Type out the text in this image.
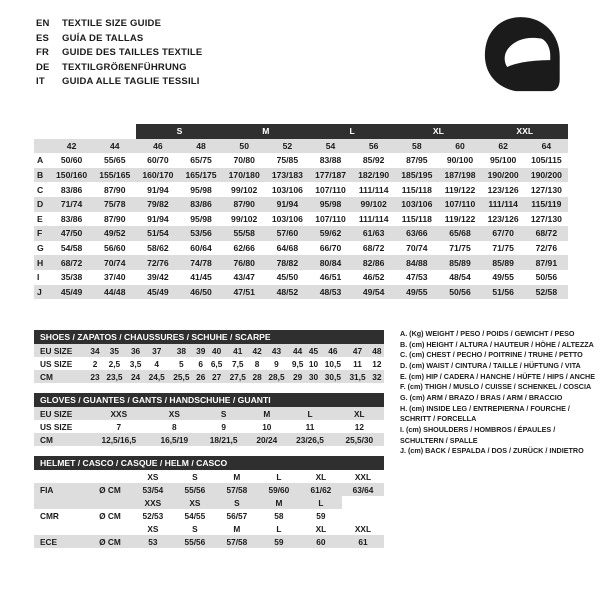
EN	TEXTILE SIZE GUIDE
ES	GUÍA DE TALLAS
FR	GUIDE DES TAILLES TEXTILE
DE	TEXTILGRÖßENFÜHRUNG
IT	GUIDA ALLE TAGLIE TESSILI
			S		M		L		XL		XXL	
	42	44	46	48	50	52	54	56	58	60	62	64
A	50/60	55/65	60/70	65/75	70/80	75/85	83/88	85/92	87/95	90/100	95/100	105/115
B	150/160	155/165	160/170	165/175	170/180	173/183	177/187	182/190	185/195	187/198	190/200	190/200
C	83/86	87/90	91/94	95/98	99/102	103/106	107/110	111/114	115/118	119/122	123/126	127/130
D	71/74	75/78	79/82	83/86	87/90	91/94	95/98	99/102	103/106	107/110	111/114	115/119
E	83/86	87/90	91/94	95/98	99/102	103/106	107/110	111/114	115/118	119/122	123/126	127/130
F	47/50	49/52	51/54	53/56	55/58	57/60	59/62	61/63	63/66	65/68	67/70	68/72
G	54/58	56/60	58/62	60/64	62/66	64/68	66/70	68/72	70/74	71/75	71/75	72/76
H	68/72	70/74	72/76	74/78	76/80	78/82	80/84	82/86	84/88	85/89	85/89	87/91
I	35/38	37/40	39/42	41/45	43/47	45/50	46/51	46/52	47/53	48/54	49/55	50/56
J	45/49	44/48	45/49	46/50	47/51	48/52	48/53	49/54	49/55	50/56	51/56	52/58
SHOES / ZAPATOS / CHAUSSURES / SCHUHE / SCARPE
EU SIZE	34	35	36	37	38	39	40	41	42	43	44	45	46	47	48
US SIZE	2	2,5	3,5	4	5	6	6,5	7,5	8	9	9,5	10	10,5	11	12
CM	23	23,5	24	24,5	25,5	26	27	27,5	28	28,5	29	30	30,5	31,5	32
GLOVES / GUANTES / GANTS / HANDSCHUHE / GUANTI
EU SIZE	XXS	XS	S	M	L	XL
US SIZE	7	8	9	10	11	12
CM	12,5/16,5	16,5/19	18/21,5	20/24	23/26,5	25,5/30
HELMET / CASCO / CASQUE / HELM / CASCO
		XS	S	M	L	XL	XXL
FIA	Ø CM	53/54	55/56	57/58	59/60	61/62	63/64
		XXS	XS	S	M	L	
CMR	Ø CM	52/53	54/55	56/57	58	59	
		XS	S	M	L	XL	XXL
ECE	Ø CM	53	55/56	57/58	59	60	61

A. (Kg) WEIGHT / PESO / POIDS / GEWICHT / PESO

B. (cm) HEIGHT / ALTURA / HAUTEUR / HÖHE / ALTEZZA

C. (cm) CHEST / PECHO / POITRINE / TRUHE / PETTO

D. (cm) WAIST / CINTURA / TAILLE / HÜFTUNG / VITA

E. (cm) HIP / CADERA / HANCHE / HÜFTE / HIPS / ANCHE

F. (cm) THIGH / MUSLO / CUISSE / SCHENKEL / COSCIA

G. (cm) ARM / BRAZO / BRAS / ARM / BRACCIO

H. (cm) INSIDE LEG / ENTREPIERNA / FOURCHE /

SCHRITT / FORCELLA

I. (cm) SHOULDERS / HOMBROS / ÉPAULES /

SCHULTERN / SPALLE

J. (cm) BACK / ESPALDA / DOS / ZURÜCK / INDIETRO
